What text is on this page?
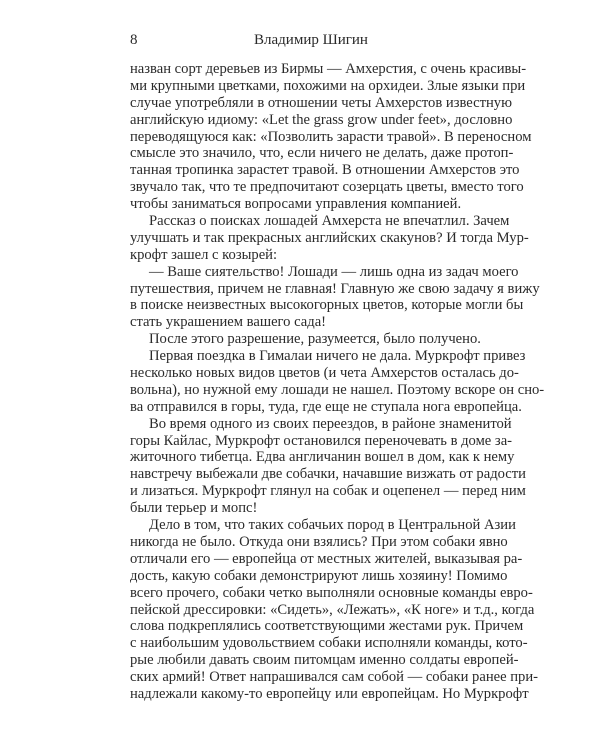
8	Владимир Шигин
назван сорт деревьев из Бирмы — Амхерстия, с очень красивы-
ми крупными цветками, похожими на орхидеи. Злые языки при
случае употребляли в отношении четы Амхерстов известную
английскую идиому: «Let the grass grow under feet», дословно
переводящуюся как: «Позволить зарасти травой». В переносном
смысле это значило, что, если ничего не делать, даже протоп-
танная тропинка зарастет травой. В отношении Амхерстов это
звучало так, что те предпочитают созерцать цветы, вместо того
чтобы заниматься вопросами управления компанией.
Рассказ о поисках лошадей Амхерста не впечатлил. Зачем
улучшать и так прекрасных английских скакунов? И тогда Мур-
крофт зашел с козырей:
— Ваше сиятельство! Лошади — лишь одна из задач моего
путешествия, причем не главная! Главную же свою задачу я вижу
в поиске неизвестных высокогорных цветов, которые могли бы
стать украшением вашего сада!
После этого разрешение, разумеется, было получено.
Первая поездка в Гималаи ничего не дала. Муркрофт привез
несколько новых видов цветов (и чета Амхерстов осталась до-
вольна), но нужной ему лошади не нашел. Поэтому вскоре он сно-
ва отправился в горы, туда, где еще не ступала нога европейца.
Во время одного из своих переездов, в районе знаменитой
горы Кайлас, Муркрофт остановился переночевать в доме за-
житочного тибетца. Едва англичанин вошел в дом, как к нему
навстречу выбежали две собачки, начавшие визжать от радости
и лизаться. Муркрофт глянул на собак и оцепенел — перед ним
были терьер и мопс!
Дело в том, что таких собачьих пород в Центральной Азии
никогда не было. Откуда они взялись? При этом собаки явно
отличали его — европейца от местных жителей, выказывая ра-
дость, какую собаки демонстрируют лишь хозяину! Помимо
всего прочего, собаки четко выполняли основные команды евро-
пейской дрессировки: «Сидеть», «Лежать», «К ноге» и т.д., когда
слова подкреплялись соответствующими жестами рук. Причем
с наибольшим удовольствием собаки исполняли команды, кото-
рые любили давать своим питомцам именно солдаты европей-
ских армий! Ответ напрашивался сам собой — собаки ранее при-
надлежали какому-то европейцу или европейцам. Но Муркрофт
